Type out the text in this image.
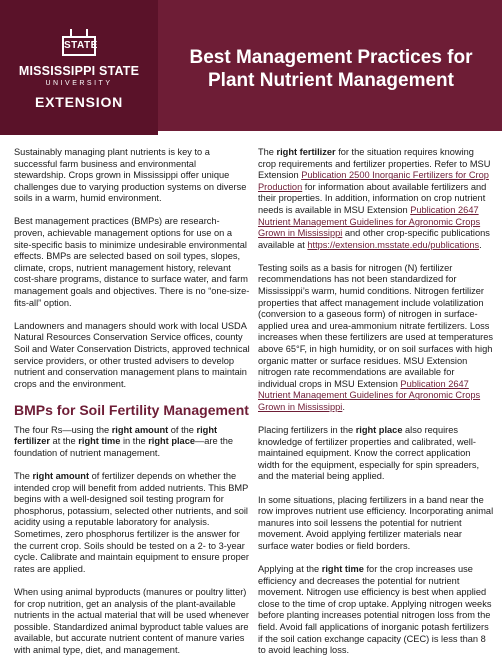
STATE
MISSISSIPPI STATE
UNIVERSITY
EXTENSION
Best Management Practices for
Plant Nutrient Management

Sustainably managing plant nutrients is key to a successful farm business and environmental stewardship. Crops grown in Mississippi offer unique challenges due to varying production systems on diverse soils in a warm, humid environment.

Best management practices (BMPs) are research-proven, achievable management options for use on a site-specific basis to minimize undesirable environmental effects. BMPs are selected based on soil types, slopes, climate, crops, nutrient management history, relevant cost-share programs, distance to surface water, and farm management goals and objectives. There is no “one-size-fits-all” option.

Landowners and managers should work with local USDA Natural Resources Conservation Service offices, county Soil and Water Conservation Districts, approved technical service providers, or other trusted advisers to develop nutrient and conservation management plans to maintain crops and the environment.

BMPs for Soil Fertility Management

The four Rs—using the right amount of the right fertilizer at the right time in the right place—are the foundation of nutrient management.

The right amount of fertilizer depends on whether the intended crop will benefit from added nutrients. This BMP begins with a well-designed soil testing program for phosphorus, potassium, selected other nutrients, and soil acidity using a reputable laboratory for analysis. Sometimes, zero phosphorus fertilizer is the answer for the current crop. Soils should be tested on a 2- to 3-year cycle. Calibrate and maintain equipment to ensure proper rates are applied.

When using animal byproducts (manures or poultry litter) for crop nutrition, get an analysis of the plant-available nutrients in the actual material that will be used whenever possible. Standardized animal byproduct table values are available, but accurate nutrient content of manure varies with animal type, diet, and management.

The right fertilizer for the situation requires knowing crop requirements and fertilizer properties. Refer to MSU Extension Publication 2500 Inorganic Fertilizers for Crop Production for information about available fertilizers and their properties. In addition, information on crop nutrient needs is available in MSU Extension Publication 2647 Nutrient Management Guidelines for Agronomic Crops Grown in Mississippi and other crop-specific publications available at https://extension.msstate.edu/publications.

Testing soils as a basis for nitrogen (N) fertilizer recommendations has not been standardized for Mississippi’s warm, humid conditions. Nitrogen fertilizer properties that affect management include volatilization (conversion to a gaseous form) of nitrogen in surface-applied urea and urea-ammonium nitrate fertilizers. Loss increases when these fertilizers are used at temperatures above 65°F, in high humidity, or on soil surfaces with high organic matter or surface residues. MSU Extension nitrogen rate recommendations are available for individual crops in MSU Extension Publication 2647 Nutrient Management Guidelines for Agronomic Crops Grown in Mississippi.

Placing fertilizers in the right place also requires knowledge of fertilizer properties and calibrated, well-maintained equipment. Know the correct application width for the equipment, especially for spin spreaders, and the material being applied.

In some situations, placing fertilizers in a band near the row improves nutrient use efficiency. Incorporating animal manures into soil lessens the potential for nutrient movement. Avoid applying fertilizer materials near surface water bodies or field borders.

Applying at the right time for the crop increases use efficiency and decreases the potential for nutrient movement. Nitrogen use efficiency is best when applied close to the time of crop uptake. Applying nitrogen weeks before planting increases potential nitrogen loss from the field. Avoid fall applications of inorganic potash fertilizers if the soil cation exchange capacity (CEC) is less than 8 to avoid leaching loss.
